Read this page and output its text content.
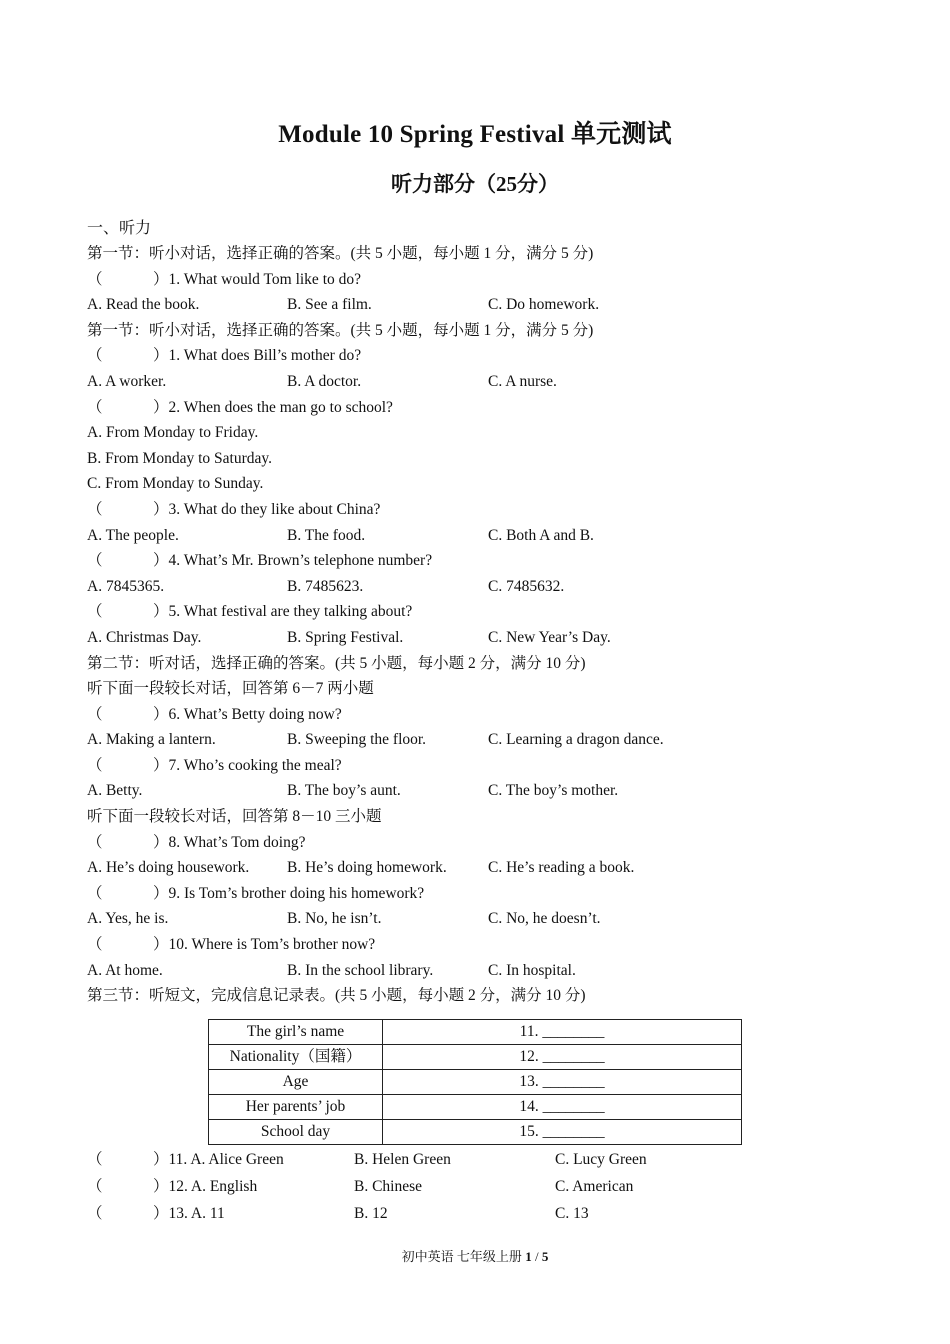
Module 10 Spring Festival 单元测试
听力部分（25分）
一、听力
第一节：听小对话，选择正确的答案。(共 5 小题，每小题 1 分，满分 5 分)
（	）1. What would Tom like to do?
A. Read the book.	B. See a film.	C. Do homework.
第一节：听小对话，选择正确的答案。(共 5 小题，每小题 1 分，满分 5 分)
（	）1. What does Bill’s mother do?
A. A worker.	B. A doctor.	C. A nurse.
（	）2. When does the man go to school?
A. From Monday to Friday.
B. From Monday to Saturday.
C. From Monday to Sunday.
（	）3. What do they like about China?
A. The people.	B. The food.	C. Both A and B.
（	）4. What’s Mr. Brown’s telephone number?
A. 7845365.	B. 7485623.	C. 7485632.
（	）5. What festival are they talking about?
A. Christmas Day.	B. Spring Festival.	C. New Year’s Day.
第二节：听对话，选择正确的答案。(共 5 小题，每小题 2 分，满分 10 分)
听下面一段较长对话，回答第 6－7 两小题
（	）6. What’s Betty doing now?
A. Making a lantern.	B. Sweeping the floor.	C. Learning a dragon dance.
（	）7. Who’s cooking the meal?
A. Betty.	B. The boy’s aunt.	C. The boy’s mother.
听下面一段较长对话，回答第 8－10 三小题
（	）8. What’s Tom doing?
A. He’s doing housework. B. He’s doing homework.	C. He’s reading a book.
（	）9. Is Tom’s brother doing his homework?
A. Yes, he is.	B. No, he isn’t.	C. No, he doesn’t.
（	）10. Where is Tom’s brother now?
A. At home.	B. In the school library.	C. In hospital.
第三节：听短文，完成信息记录表。(共 5 小题，每小题 2 分，满分 10 分)
The girl’s name	11. ________
Nationality（国籍）	12. ________
Age	13. ________
Her parents’ job	14. ________
School day	15. ________
（	）11. A. Alice Green	B. Helen Green	C. Lucy Green
（	）12. A. English	B. Chinese	C. American
（	）13. A. 11	B. 12	C. 13
初中英语 七年级上册 1 / 5
